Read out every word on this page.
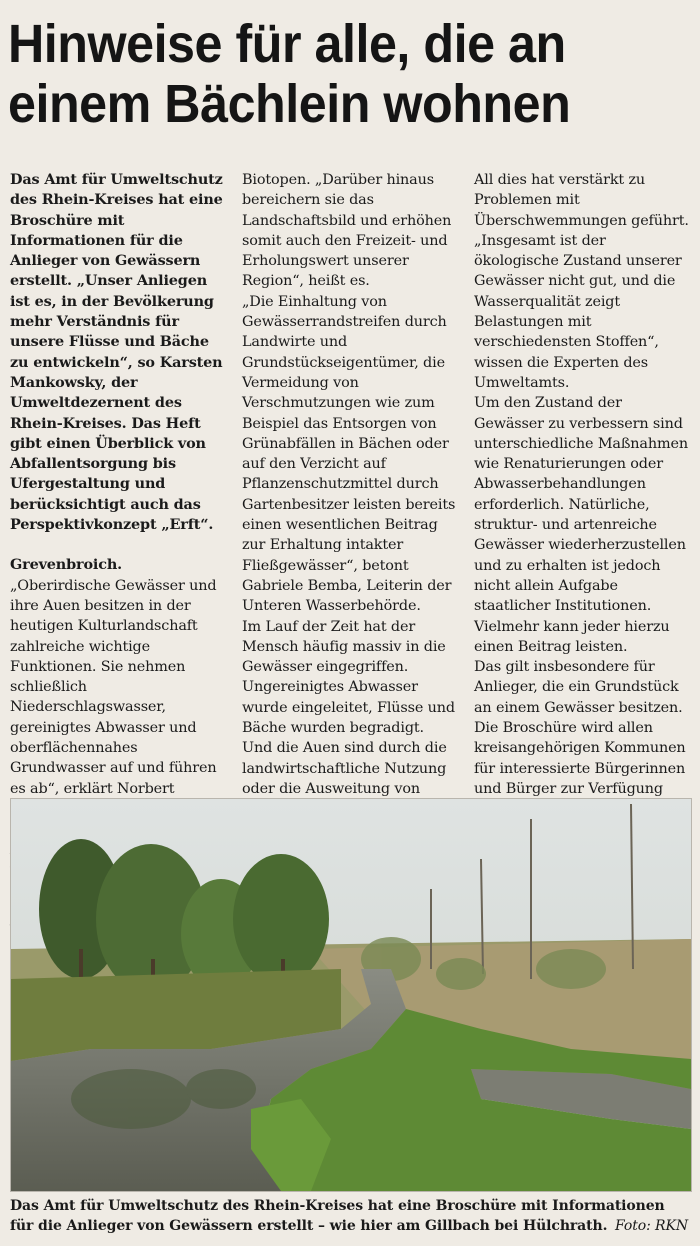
Hinweise für alle, die an
einem Bächlein wohnen

Das Amt für Umweltschutz des Rhein-Kreises hat eine Broschüre mit Informationen für die Anlieger von Gewässern erstellt. „Unser Anliegen ist es, in der Bevölkerung mehr Verständnis für unsere Flüsse und Bäche zu entwickeln“, so Karsten Mankowsky, der Umweltdezernent des Rhein-Kreises. Das Heft gibt einen Überblick von Abfallentsorgung bis Ufergestaltung und berücksichtigt auch das Perspektivkonzept „Erft“.

Grevenbroich. „Oberirdische Gewässer und ihre Auen besitzen in der heutigen Kulturlandschaft zahlreiche wichtige Funktionen. Sie nehmen schließlich Niederschlagswasser, gereinigtes Abwasser und oberflächennahes Grundwasser auf und führen es ab“, erklärt Norbert

Biotopen. „Darüber hinaus bereichern sie das Landschaftsbild und erhöhen somit auch den Freizeit- und Erholungswert unserer Region“, heißt es.

„Die Einhaltung von Gewässerrandstreifen durch Landwirte und Grundstückseigentümer, die Vermeidung von Verschmutzungen wie zum Beispiel das Entsorgen von Grünabfällen in Bächen oder auf den Verzicht auf Pflanzenschutzmittel durch Gartenbesitzer leisten bereits einen wesentlichen Beitrag zur Erhaltung intakter Fließgewässer“, betont Gabriele Bemba, Leiterin der Unteren Wasserbehörde.

Im Lauf der Zeit hat der Mensch häufig massiv in die Gewässer eingegriffen. Ungereinigtes Abwasser wurde eingeleitet, Flüsse und Bäche wurden begradigt. Und die Auen sind durch die landwirtschaftliche Nutzung oder die Ausweitung von

All dies hat verstärkt zu Problemen mit Überschwemmungen geführt.

„Insgesamt ist der ökologische Zustand unserer Gewässer nicht gut, und die Wasserqualität zeigt Belastungen mit verschiedensten Stoffen“, wissen die Experten des Umweltamts.

Um den Zustand der Gewässer zu verbessern sind unterschiedliche Maßnahmen wie Renaturierungen oder Abwasserbehandlungen erforderlich. Natürliche, struktur- und artenreiche Gewässer wiederherzustellen und zu erhalten ist jedoch nicht allein Aufgabe staatlicher Institutionen. Vielmehr kann jeder hierzu einen Beitrag leisten.

Das gilt insbesondere für Anlieger, die ein Grundstück an einem Gewässer besitzen. Die Broschüre wird allen kreisangehörigen Kommunen für interessierte Bürgerinnen und Bürger zur Verfügung

Das Amt für Umweltschutz des Rhein-Kreises hat eine Broschüre mit Informationen für die Anlieger von Gewässern erstellt – wie hier am Gillbach bei Hülchrath. Foto: RKN
